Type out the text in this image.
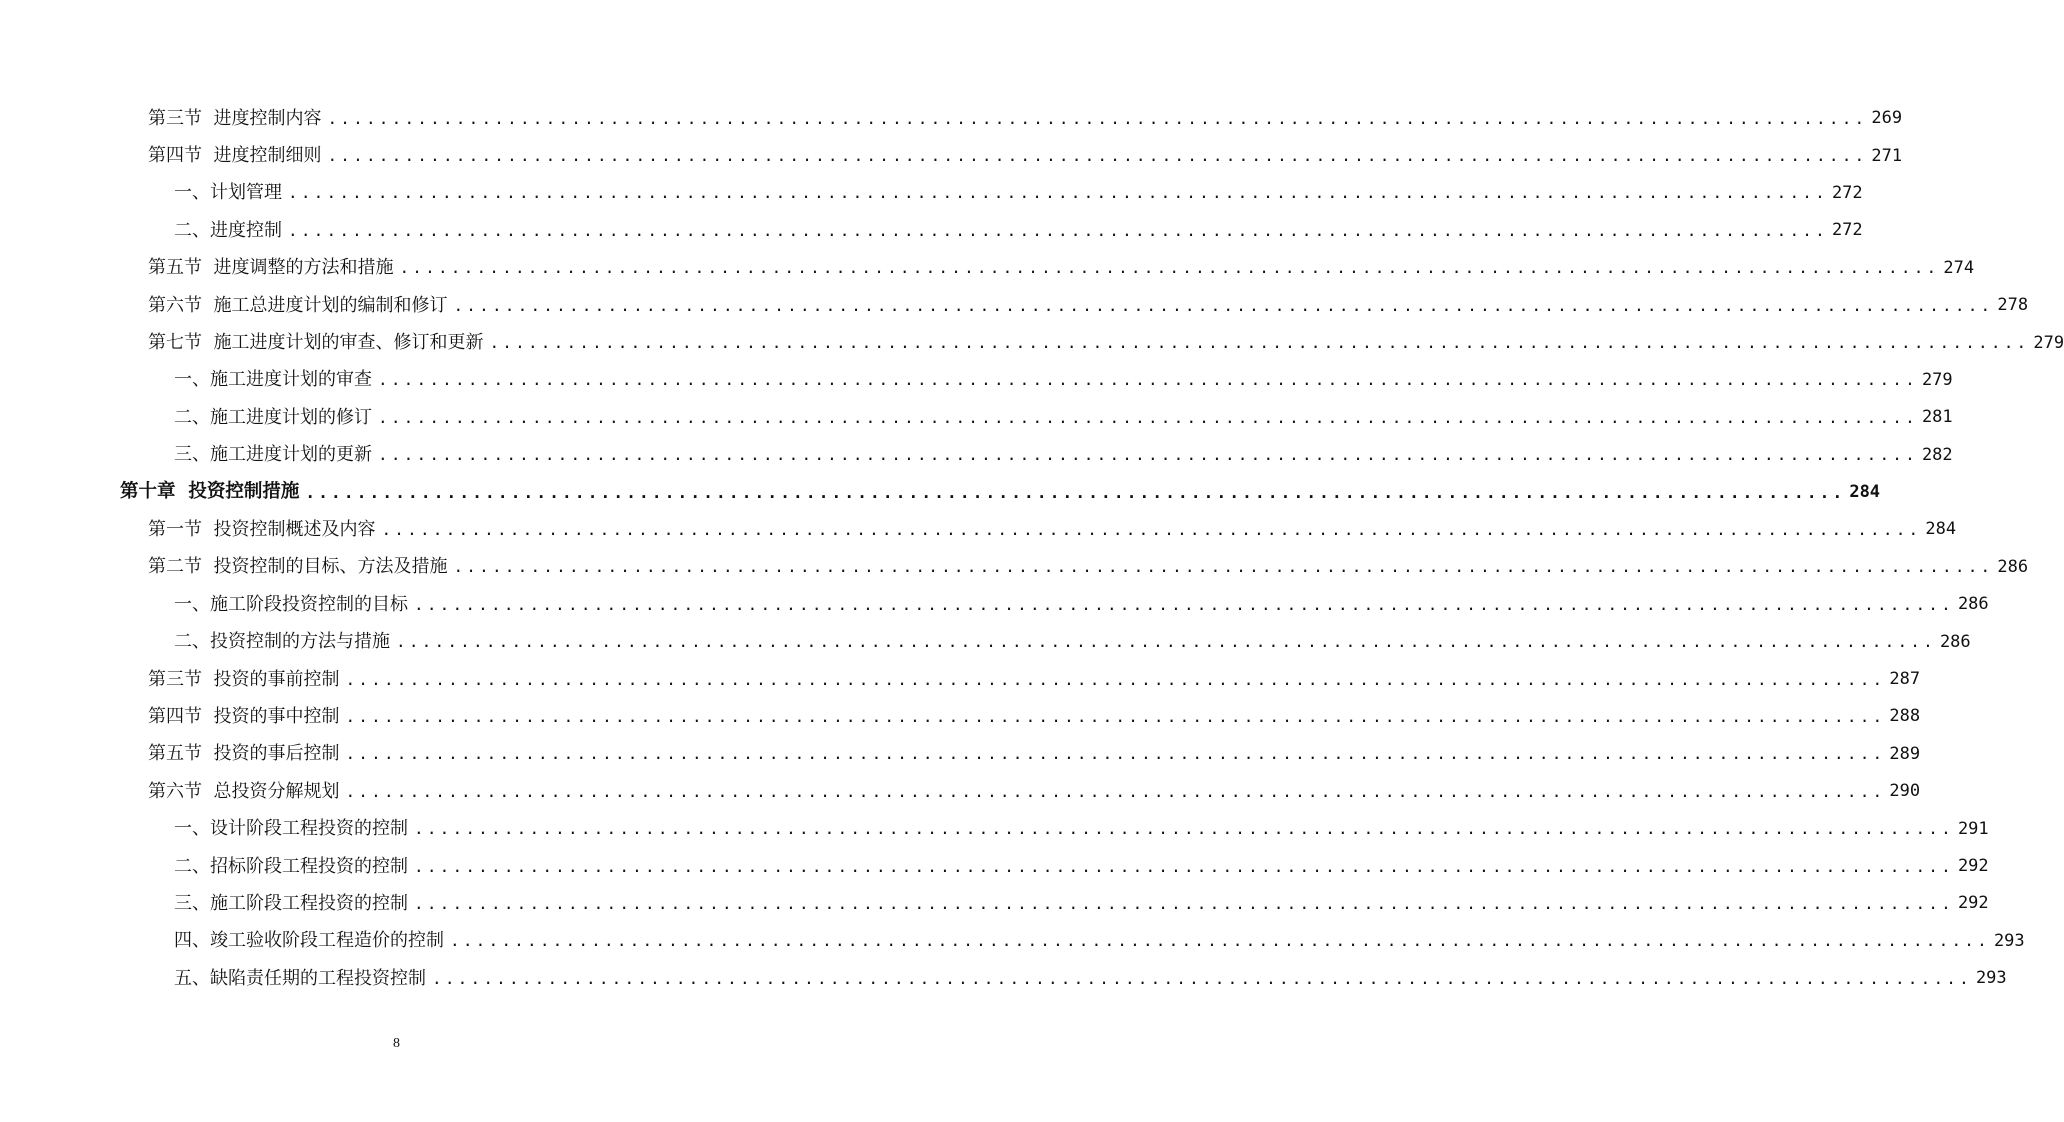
第三节  进度控制内容 ........................................................................................................................ 269
第四节  进度控制细则 ........................................................................................................................ 271
一、计划管理 ........................................................................................................................ 272
二、进度控制 ........................................................................................................................ 272
第五节  进度调整的方法和措施 ........................................................................................................................ 274
第六节  施工总进度计划的编制和修订 ........................................................................................................................ 278
第七节  施工进度计划的审查、修订和更新 ........................................................................................................................ 279
一、施工进度计划的审查 ........................................................................................................................ 279
二、施工进度计划的修订 ........................................................................................................................ 281
三、施工进度计划的更新 ........................................................................................................................ 282
第十章  投资控制措施 ........................................................................................................................ 284
第一节  投资控制概述及内容 ........................................................................................................................ 284
第二节  投资控制的目标、方法及措施 ........................................................................................................................ 286
一、施工阶段投资控制的目标 ........................................................................................................................ 286
二、投资控制的方法与措施 ........................................................................................................................ 286
第三节  投资的事前控制 ........................................................................................................................ 287
第四节  投资的事中控制 ........................................................................................................................ 288
第五节  投资的事后控制 ........................................................................................................................ 289
第六节  总投资分解规划 ........................................................................................................................ 290
一、设计阶段工程投资的控制 ........................................................................................................................ 291
二、招标阶段工程投资的控制 ........................................................................................................................ 292
三、施工阶段工程投资的控制 ........................................................................................................................ 292
四、竣工验收阶段工程造价的控制 ........................................................................................................................ 293
五、缺陷责任期的工程投资控制 ........................................................................................................................ 293
8
